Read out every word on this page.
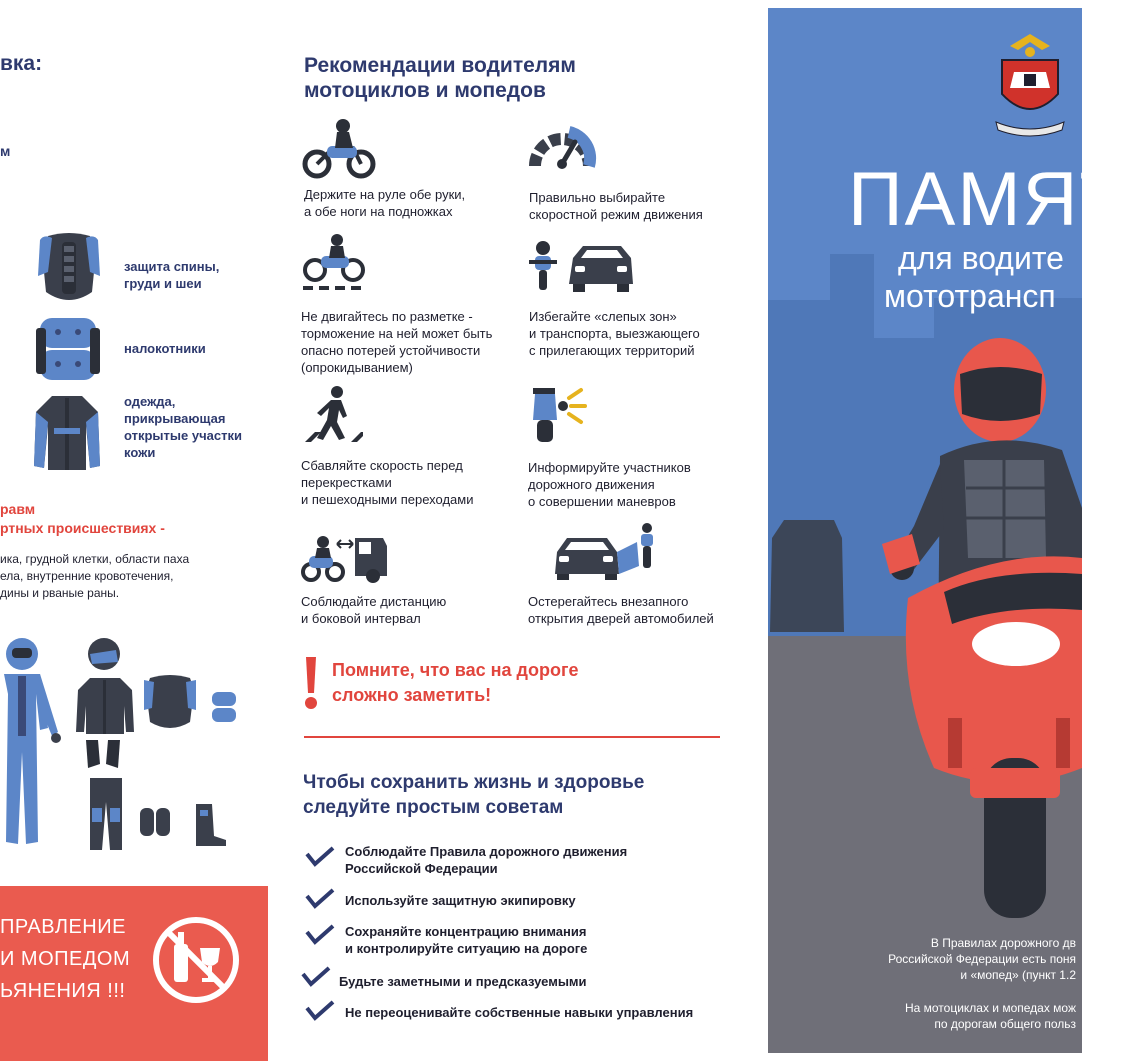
вка:
м
защита спины,
груди и шеи
налокотники
одежда,
прикрывающая
открытые участки
кожи
равм
ртных происшествиях -
ика, грудной клетки, области паха
ела, внутренние кровотечения,
дины и рваные раны.
ПРАВЛЕНИЕ
И МОПЕДОМ
ЬЯНЕНИЯ !!!
Рекомендации водителям
мотоциклов и мопедов
Держите на руле обе руки,
а обе ноги на подножках
Правильно выбирайте
скоростной режим движения
Не двигайтесь по разметке -
торможение на ней может быть
опасно потерей устойчивости
(опрокидыванием)
Избегайте «слепых зон»
и транспорта, выезжающего
с прилегающих территорий
Сбавляйте скорость перед
перекрестками
и пешеходными переходами
Информируйте участников
дорожного движения
о совершении маневров
Соблюдайте дистанцию
и боковой интервал
Остерегайтесь внезапного
открытия дверей автомобилей
Помните, что вас на дороге
сложно заметить!
Чтобы сохранить жизнь и здоровье
следуйте простым советам
Соблюдайте Правила дорожного движения
Российской Федерации
Используйте защитную экипировку
Сохраняйте концентрацию внимания
и контролируйте ситуацию на дороге
Будьте заметными и предсказуемыми
Не переоценивайте собственные навыки управления
ПАМЯТ
для водите
мототрансп
В Правилах дорожного дв
Российской Федерации есть поня
и «мопед» (пункт 1.2
На мотоциклах и мопедах мож
по дорогам общего польз
